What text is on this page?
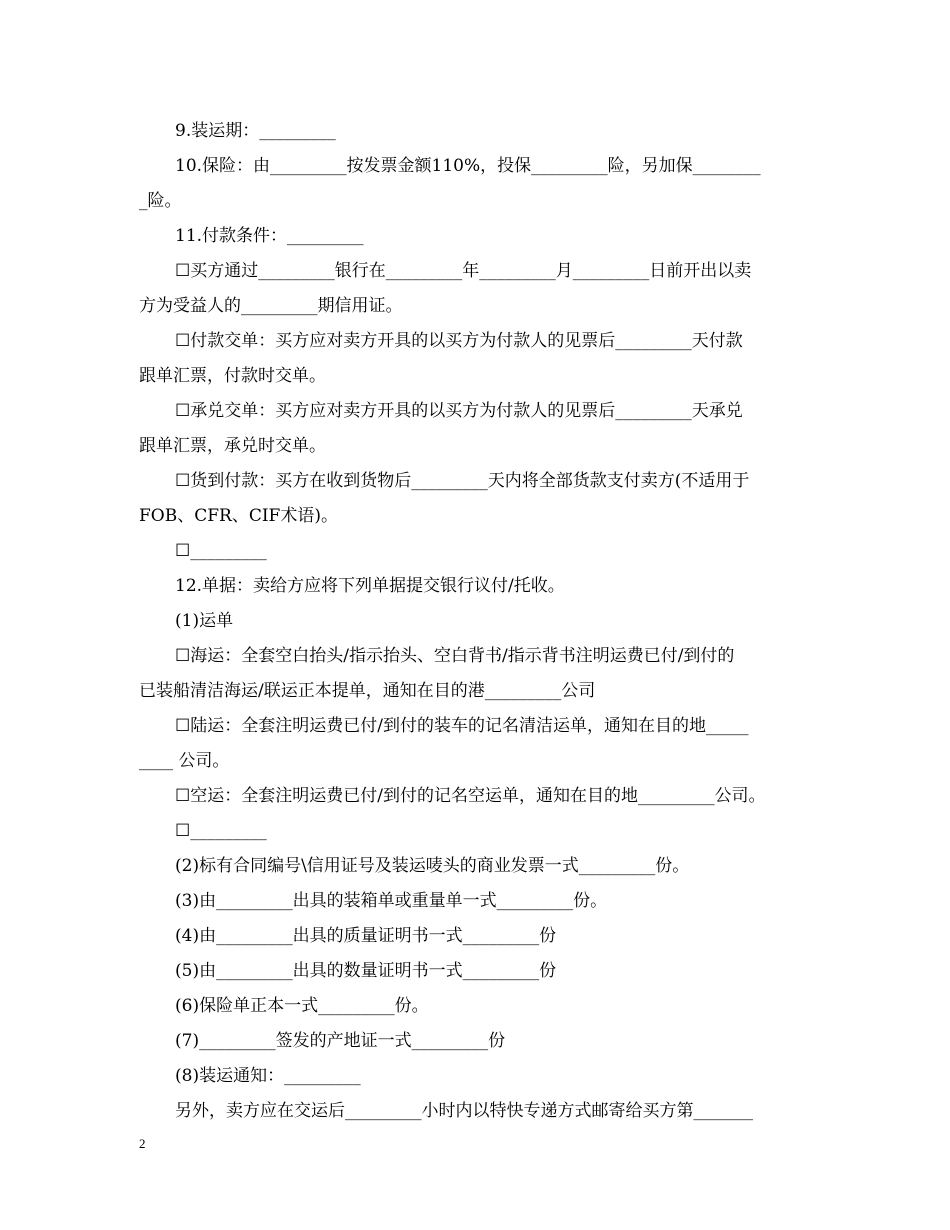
9.装运期：_________
10.保险：由_________按发票金额110%，投保_________险，另加保________
_险。
11.付款条件：_________
☐买方通过_________银行在_________年_________月_________日前开出以卖
方为受益人的_________期信用证。
☐付款交单：买方应对卖方开具的以买方为付款人的见票后_________天付款
跟单汇票，付款时交单。
☐承兑交单：买方应对卖方开具的以买方为付款人的见票后_________天承兑
跟单汇票，承兑时交单。
☐货到付款：买方在收到货物后_________天内将全部货款支付卖方(不适用于
FOB、CFR、CIF术语)。
☐_________
12.单据：卖给方应将下列单据提交银行议付/托收。
(1)运单
☐海运：全套空白抬头/指示抬头、空白背书/指示背书注明运费已付/到付的
已装船清洁海运/联运正本提单，通知在目的港_________公司
☐陆运：全套注明运费已付/到付的装车的记名清洁运单，通知在目的地_____
____ 公司。
☐空运：全套注明运费已付/到付的记名空运单，通知在目的地_________公司。
☐_________
(2)标有合同编号\信用证号及装运唛头的商业发票一式_________份。
(3)由_________出具的装箱单或重量单一式_________份。
(4)由_________出具的质量证明书一式_________份
(5)由_________出具的数量证明书一式_________份
(6)保险单正本一式_________份。
(7)_________签发的产地证一式_________份
(8)装运通知：_________
另外，卖方应在交运后_________小时内以特快专递方式邮寄给买方第_______
2
